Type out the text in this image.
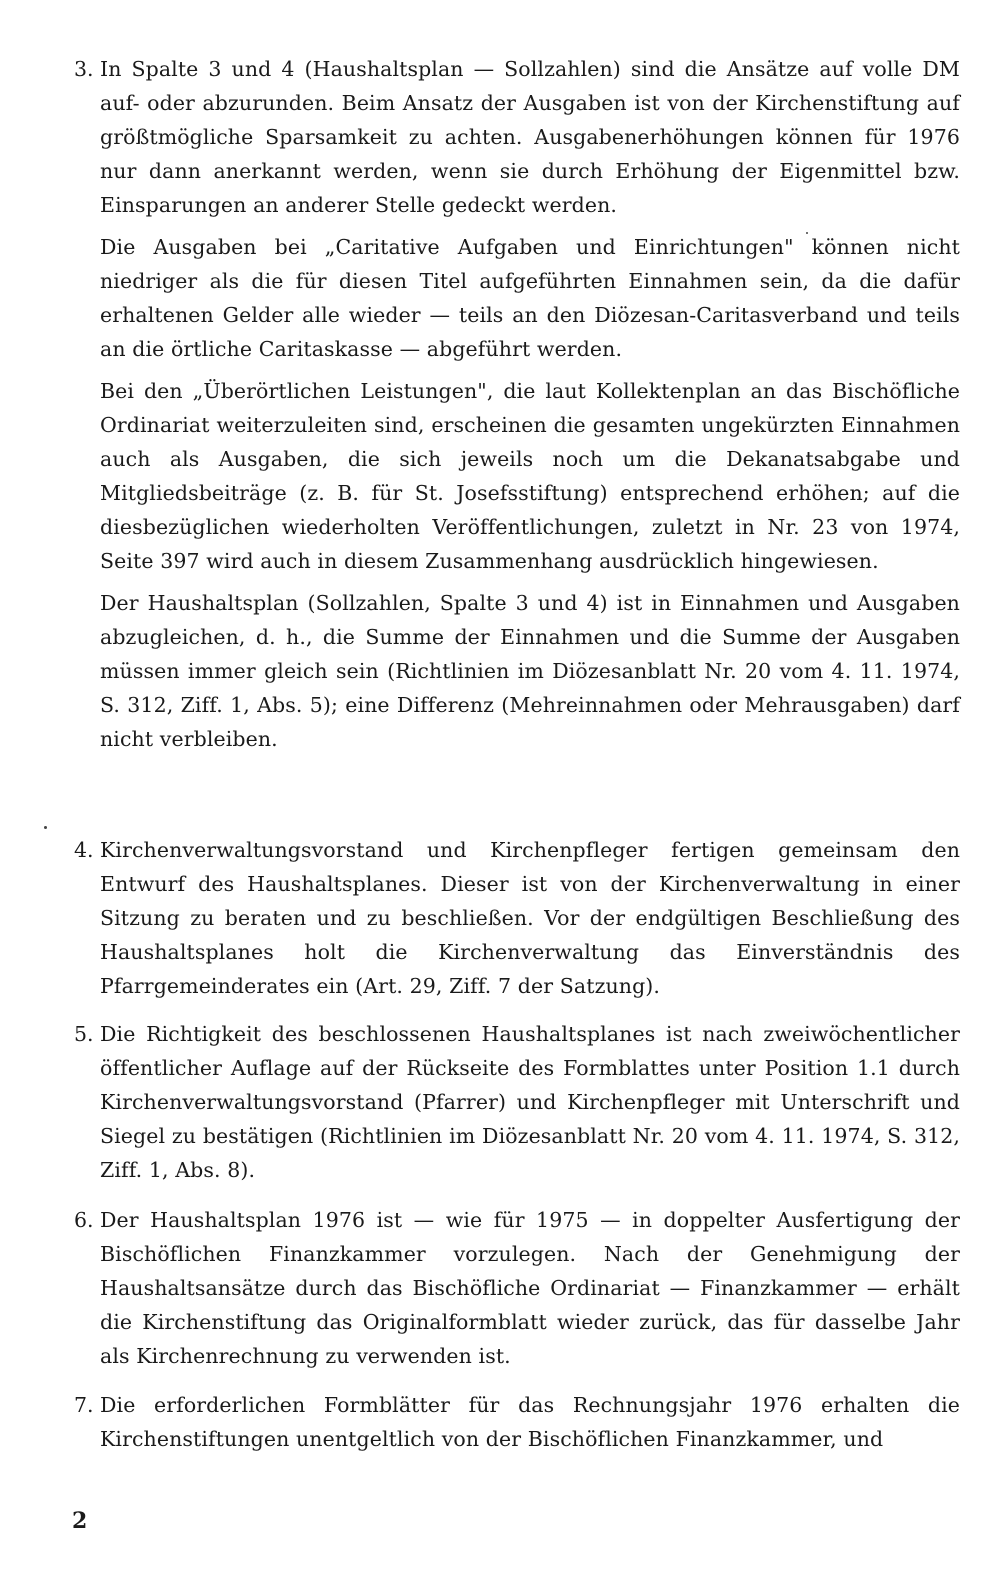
3. In Spalte 3 und 4 (Haushaltsplan — Sollzahlen) sind die Ansätze auf volle DM auf- oder abzurunden. Beim Ansatz der Ausgaben ist von der Kirchenstiftung auf größtmögliche Sparsamkeit zu achten. Ausgabenerhöhungen können für 1976 nur dann anerkannt werden, wenn sie durch Erhöhung der Eigenmittel bzw. Einsparungen an anderer Stelle gedeckt werden.

Die Ausgaben bei „Caritative Aufgaben und Einrichtungen" können nicht niedriger als die für diesen Titel aufgeführten Einnahmen sein, da die dafür erhaltenen Gelder alle wieder — teils an den Diözesan-Caritasverband und teils an die örtliche Caritaskasse — abgeführt werden.

Bei den „Überörtlichen Leistungen", die laut Kollektenplan an das Bischöfliche Ordinariat weiterzuleiten sind, erscheinen die gesamten ungekürzten Einnahmen auch als Ausgaben, die sich jeweils noch um die Dekanatsabgabe und Mitgliedsbeiträge (z. B. für St. Josefsstiftung) entsprechend erhöhen; auf die diesbezüglichen wiederholten Veröffentlichungen, zuletzt in Nr. 23 von 1974, Seite 397 wird auch in diesem Zusammenhang ausdrücklich hingewiesen.

Der Haushaltsplan (Sollzahlen, Spalte 3 und 4) ist in Einnahmen und Ausgaben abzugleichen, d. h., die Summe der Einnahmen und die Summe der Ausgaben müssen immer gleich sein (Richtlinien im Diözesanblatt Nr. 20 vom 4. 11. 1974, S. 312, Ziff. 1, Abs. 5); eine Differenz (Mehreinnahmen oder Mehrausgaben) darf nicht verbleiben.

4. Kirchenverwaltungsvorstand und Kirchenpfleger fertigen gemeinsam den Entwurf des Haushaltsplanes. Dieser ist von der Kirchenverwaltung in einer Sitzung zu beraten und zu beschließen. Vor der endgültigen Beschließung des Haushaltsplanes holt die Kirchenverwaltung das Einverständnis des Pfarrgemeinderates ein (Art. 29, Ziff. 7 der Satzung).

5. Die Richtigkeit des beschlossenen Haushaltsplanes ist nach zweiwöchentlicher öffentlicher Auflage auf der Rückseite des Formblattes unter Position 1.1 durch Kirchenverwaltungsvorstand (Pfarrer) und Kirchenpfleger mit Unterschrift und Siegel zu bestätigen (Richtlinien im Diözesanblatt Nr. 20 vom 4. 11. 1974, S. 312, Ziff. 1, Abs. 8).

6. Der Haushaltsplan 1976 ist — wie für 1975 — in doppelter Ausfertigung der Bischöflichen Finanzkammer vorzulegen. Nach der Genehmigung der Haushaltsansätze durch das Bischöfliche Ordinariat — Finanzkammer — erhält die Kirchenstiftung das Originalformblatt wieder zurück, das für dasselbe Jahr als Kirchenrechnung zu verwenden ist.

7. Die erforderlichen Formblätter für das Rechnungsjahr 1976 erhalten die Kirchenstiftungen unentgeltlich von der Bischöflichen Finanzkammer, und

2
